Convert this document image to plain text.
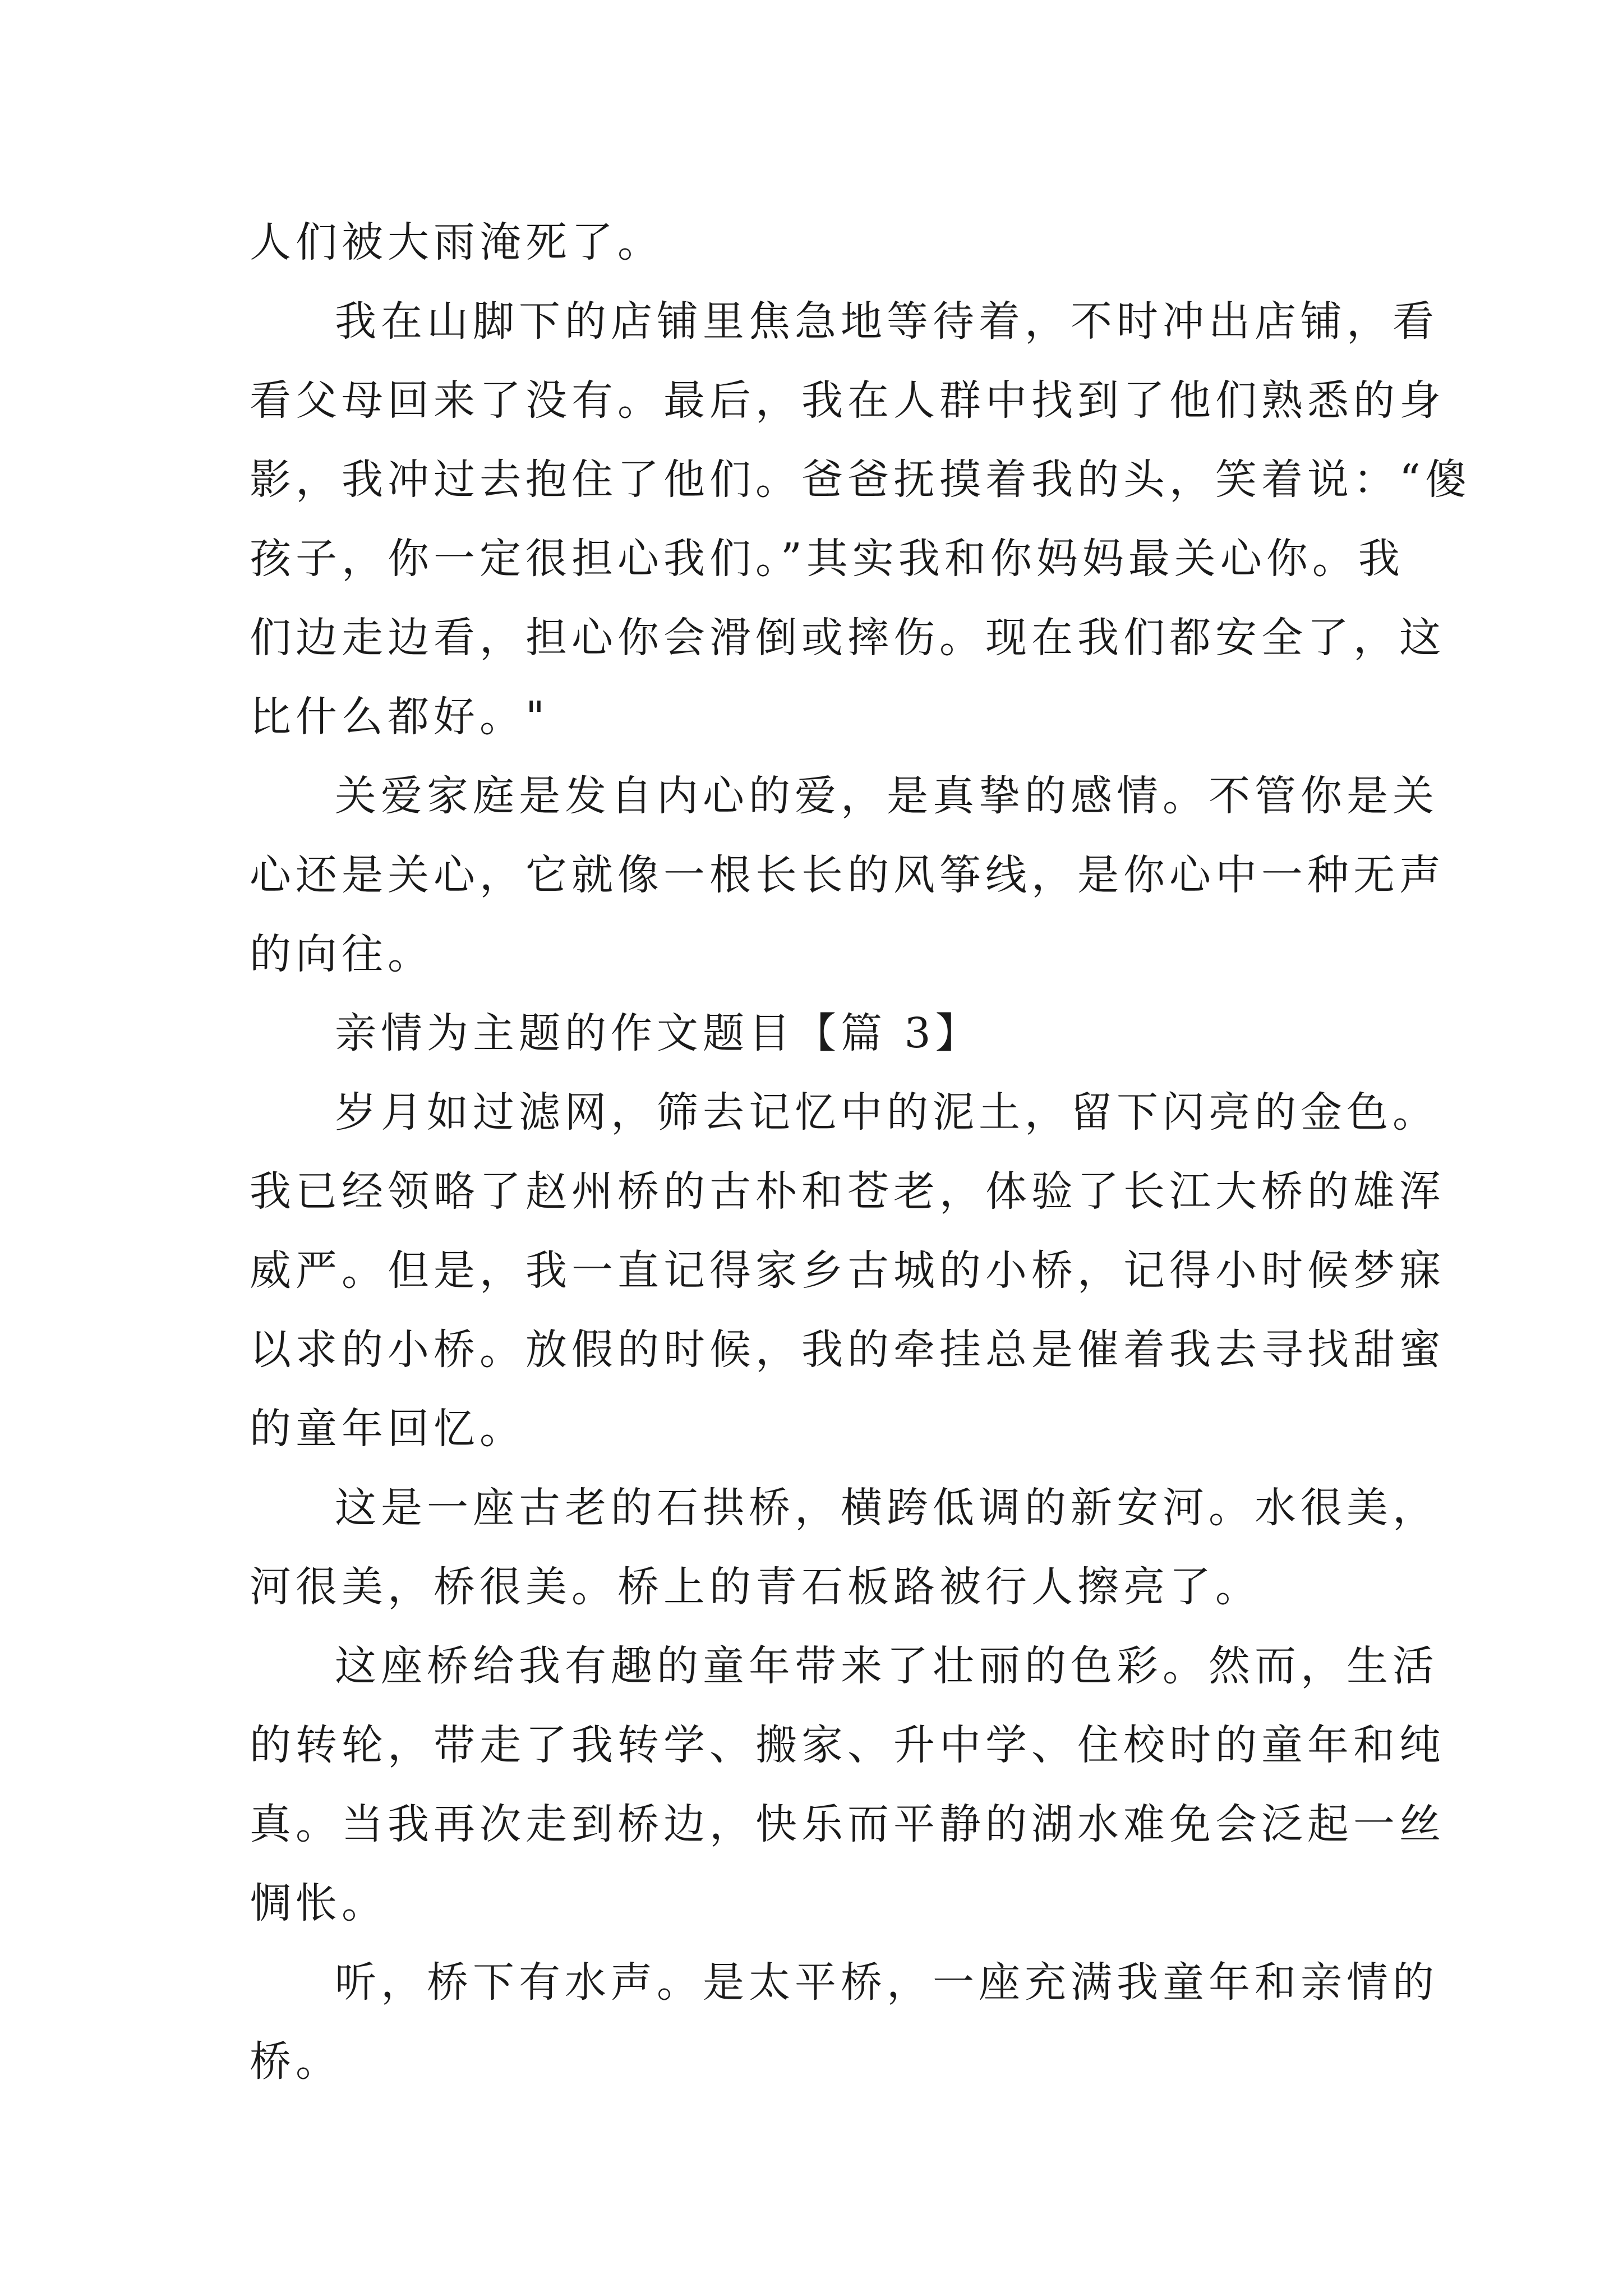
人们被大雨淹死了。
我在山脚下的店铺里焦急地等待着，不时冲出店铺，看
看父母回来了没有。最后，我在人群中找到了他们熟悉的身
影，我冲过去抱住了他们。爸爸抚摸着我的头，笑着说：“傻
孩子，你一定很担心我们。”其实我和你妈妈最关心你。我
们边走边看，担心你会滑倒或摔伤。现在我们都安全了，这
比什么都好。"
关爱家庭是发自内心的爱，是真挚的感情。不管你是关
心还是关心，它就像一根长长的风筝线，是你心中一种无声
的向往。
亲情为主题的作文题目【篇 3】
岁月如过滤网，筛去记忆中的泥土，留下闪亮的金色。
我已经领略了赵州桥的古朴和苍老，体验了长江大桥的雄浑
威严。但是，我一直记得家乡古城的小桥，记得小时候梦寐
以求的小桥。放假的时候，我的牵挂总是催着我去寻找甜蜜
的童年回忆。
这是一座古老的石拱桥，横跨低调的新安河。水很美，
河很美，桥很美。桥上的青石板路被行人擦亮了。
这座桥给我有趣的童年带来了壮丽的色彩。然而，生活
的转轮，带走了我转学、搬家、升中学、住校时的童年和纯
真。当我再次走到桥边，快乐而平静的湖水难免会泛起一丝
惆怅。
听，桥下有水声。是太平桥，一座充满我童年和亲情的
桥。
